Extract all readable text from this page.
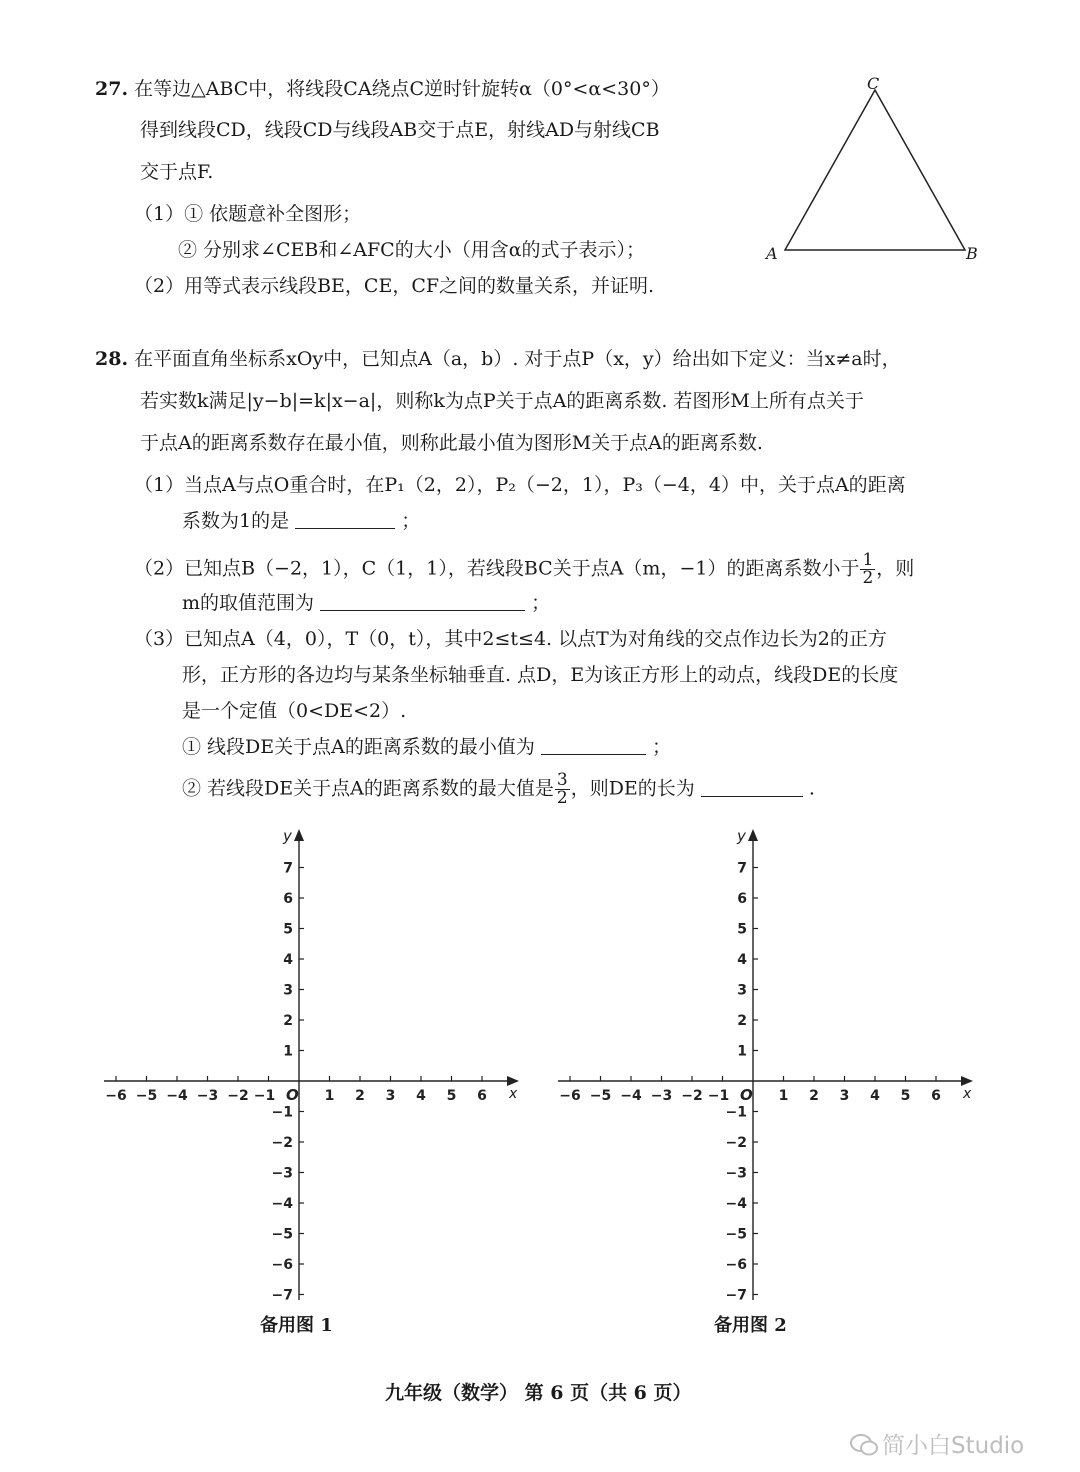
27. 在等边△ABC中，将线段CA绕点C逆时针旋转α（0°<α<30°）
得到线段CD，线段CD与线段AB交于点E，射线AD与射线CB
交于点F.
（1）① 依题意补全图形；
② 分别求∠CEB和∠AFC的大小（用含α的式子表示）；
（2）用等式表示线段BE，CE，CF之间的数量关系，并证明.
C
A	B
28. 在平面直角坐标系xOy中，已知点A（a，b）. 对于点P（x，y）给出如下定义：当x≠a时，
若实数k满足|y−b|=k|x−a|，则称k为点P关于点A的距离系数. 若图形M上所有点关于
于点A的距离系数存在最小值，则称此最小值为图形M关于点A的距离系数.
（1）当点A与点O重合时，在P₁（2，2），P₂（−2，1），P₃（−4，4）中，关于点A的距离
系数为1的是	；
（2）已知点B（−2，1），C（1，1），若线段BC关于点A（m，−1）的距离系数小于 $\frac{1}{2}$ ，则
m的取值范围为	；
（3）已知点A（4，0），T（0，t），其中2≤t≤4. 以点T为对角线的交点作边长为2的正方
形，正方形的各边均与某条坐标轴垂直. 点D，E为该正方形上的动点，线段DE的长度
是一个定值（0<DE<2）.
① 线段DE关于点A的距离系数的最小值为	；
② 若线段DE关于点A的距离系数的最大值是 $\frac{3}{2}$ ，则DE的长为	.
x
y
O
−6 −5 −4 −3 −2 −1	1 2 3 4 5 6
1
2
3
4
5
6
7
−1
−2
−3
−4
−5
−6
−7
x
y
O
−6 −5 −4 −3 −2 −1	1 2 3 4 5 6
1
2
3
4
5
6
7
−1
−2
−3
−4
−5
−6
−7
备用图 1	备用图 2
九年级（数学） 第 6 页（共 6 页）
简小白Studio
